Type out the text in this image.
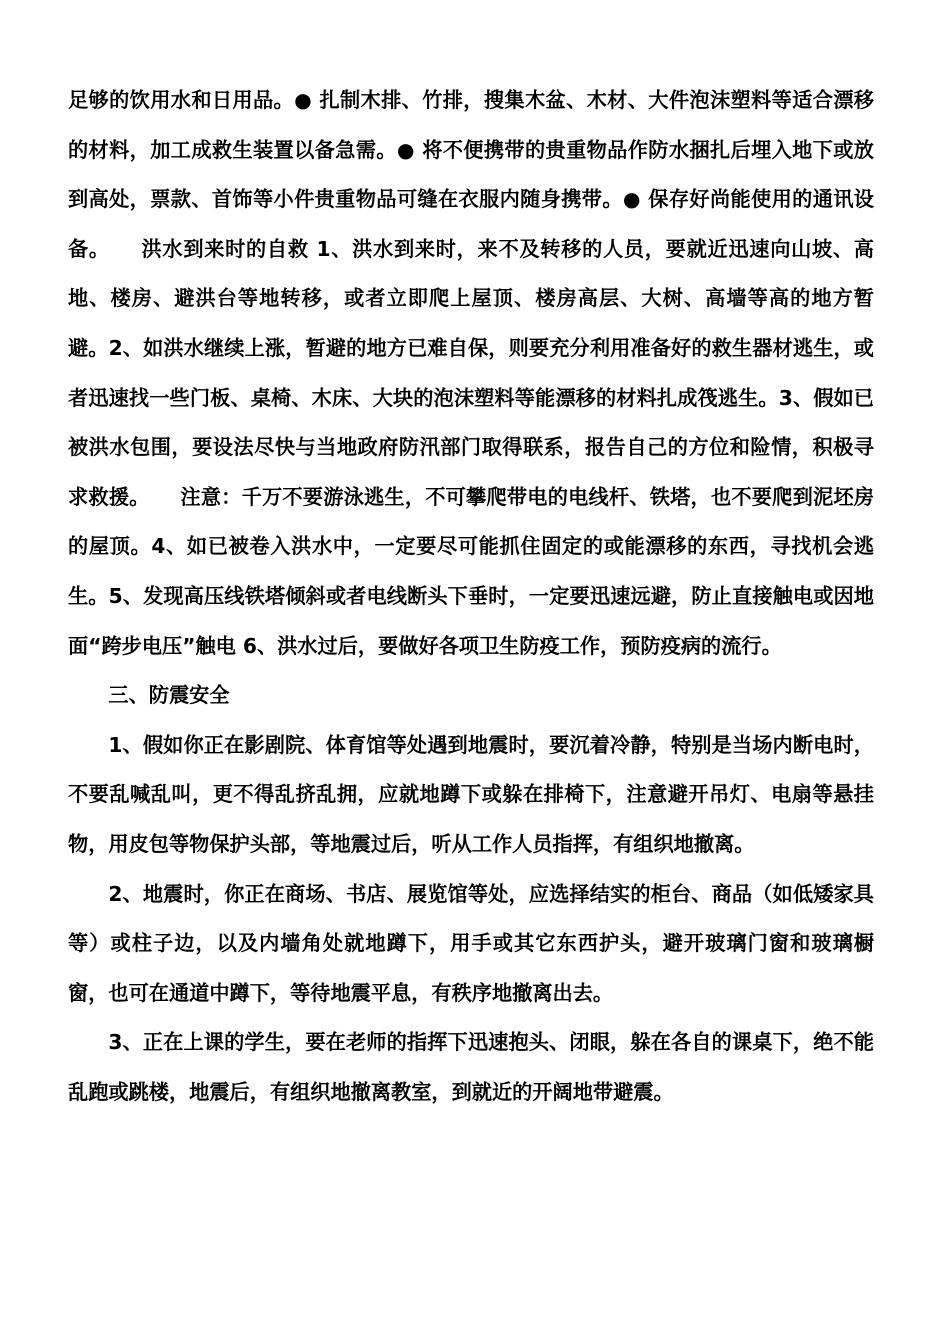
足够的饮用水和日用品。● 扎制木排、竹排，搜集木盆、木材、大件泡沫塑料等适合漂移的材料，加工成救生装置以备急需。● 将不便携带的贵重物品作防水捆扎后埋入地下或放到高处，票款、首饰等小件贵重物品可缝在衣服内随身携带。● 保存好尚能使用的通讯设备。　　洪水到来时的自救 1、洪水到来时，来不及转移的人员，要就近迅速向山坡、高地、楼房、避洪台等地转移，或者立即爬上屋顶、楼房高层、大树、高墙等高的地方暂避。2、如洪水继续上涨，暂避的地方已难自保，则要充分利用准备好的救生器材逃生，或者迅速找一些门板、桌椅、木床、大块的泡沫塑料等能漂移的材料扎成筏逃生。3、假如已被洪水包围，要设法尽快与当地政府防汛部门取得联系，报告自己的方位和险情，积极寻求救援。　　注意：千万不要游泳逃生，不可攀爬带电的电线杆、铁塔，也不要爬到泥坯房的屋顶。4、如已被卷入洪水中，一定要尽可能抓住固定的或能漂移的东西，寻找机会逃生。5、发现高压线铁塔倾斜或者电线断头下垂时，一定要迅速远避，防止直接触电或因地面“跨步电压”触电 6、洪水过后，要做好各项卫生防疫工作，预防疫病的流行。

三、防震安全

1、假如你正在影剧院、体育馆等处遇到地震时，要沉着冷静，特别是当场内断电时，不要乱喊乱叫，更不得乱挤乱拥，应就地蹲下或躲在排椅下，注意避开吊灯、电扇等悬挂物，用皮包等物保护头部，等地震过后，听从工作人员指挥，有组织地撤离。

2、地震时，你正在商场、书店、展览馆等处，应选择结实的柜台、商品（如低矮家具等）或柱子边，以及内墙角处就地蹲下，用手或其它东西护头，避开玻璃门窗和玻璃橱窗，也可在通道中蹲下，等待地震平息，有秩序地撤离出去。

3、正在上课的学生，要在老师的指挥下迅速抱头、闭眼，躲在各自的课桌下，绝不能乱跑或跳楼，地震后，有组织地撤离教室，到就近的开阔地带避震。
